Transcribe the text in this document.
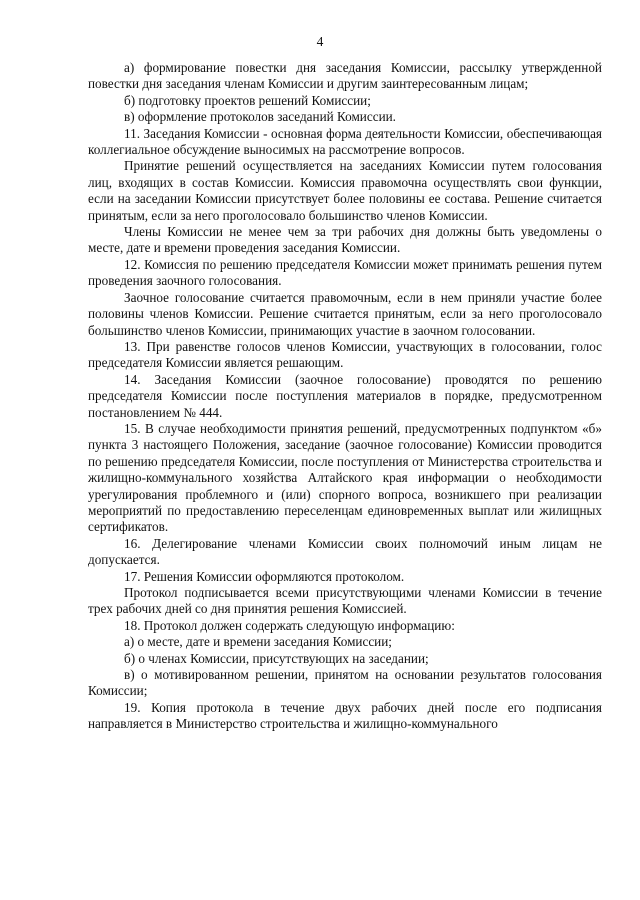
4

а) формирование повестки дня заседания Комиссии, рассылку утвержденной повестки дня заседания членам Комиссии и другим заинтересованным лицам;

б) подготовку проектов решений Комиссии;

в) оформление протоколов заседаний Комиссии.

11. Заседания Комиссии - основная форма деятельности Комиссии, обеспечивающая коллегиальное обсуждение выносимых на рассмотрение вопросов.

Принятие решений осуществляется на заседаниях Комиссии путем голосования лиц, входящих в состав Комиссии. Комиссия правомочна осуществлять свои функции, если на заседании Комиссии присутствует более половины ее состава. Решение считается принятым, если за него проголосовало большинство членов Комиссии.

Члены Комиссии не менее чем за три рабочих дня должны быть уведомлены о месте, дате и времени проведения заседания Комиссии.

12. Комиссия по решению председателя Комиссии может принимать решения путем проведения заочного голосования.

Заочное голосование считается правомочным, если в нем приняли участие более половины членов Комиссии. Решение считается принятым, если за него проголосовало большинство членов Комиссии, принимающих участие в заочном голосовании.

13. При равенстве голосов членов Комиссии, участвующих в голосовании, голос председателя Комиссии является решающим.

14. Заседания Комиссии (заочное голосование) проводятся по решению председателя Комиссии после поступления материалов в порядке, предусмотренном постановлением № 444.

15. В случае необходимости принятия решений, предусмотренных подпунктом «б» пункта 3 настоящего Положения, заседание (заочное голосование) Комиссии проводится по решению председателя Комиссии, после поступления от Министерства строительства и жилищно-коммунального хозяйства Алтайского края информации о необходимости урегулирования проблемного и (или) спорного вопроса, возникшего при реализации мероприятий по предоставлению переселенцам единовременных выплат или жилищных сертификатов.

16. Делегирование членами Комиссии своих полномочий иным лицам не допускается.

17. Решения Комиссии оформляются протоколом.

Протокол подписывается всеми присутствующими членами Комиссии в течение трех рабочих дней со дня принятия решения Комиссией.

18. Протокол должен содержать следующую информацию:

а) о месте, дате и времени заседания Комиссии;

б) о членах Комиссии, присутствующих на заседании;

в) о мотивированном решении, принятом на основании результатов голосования Комиссии;

19. Копия протокола в течение двух рабочих дней после его подписания направляется в Министерство строительства и жилищно-коммунального
